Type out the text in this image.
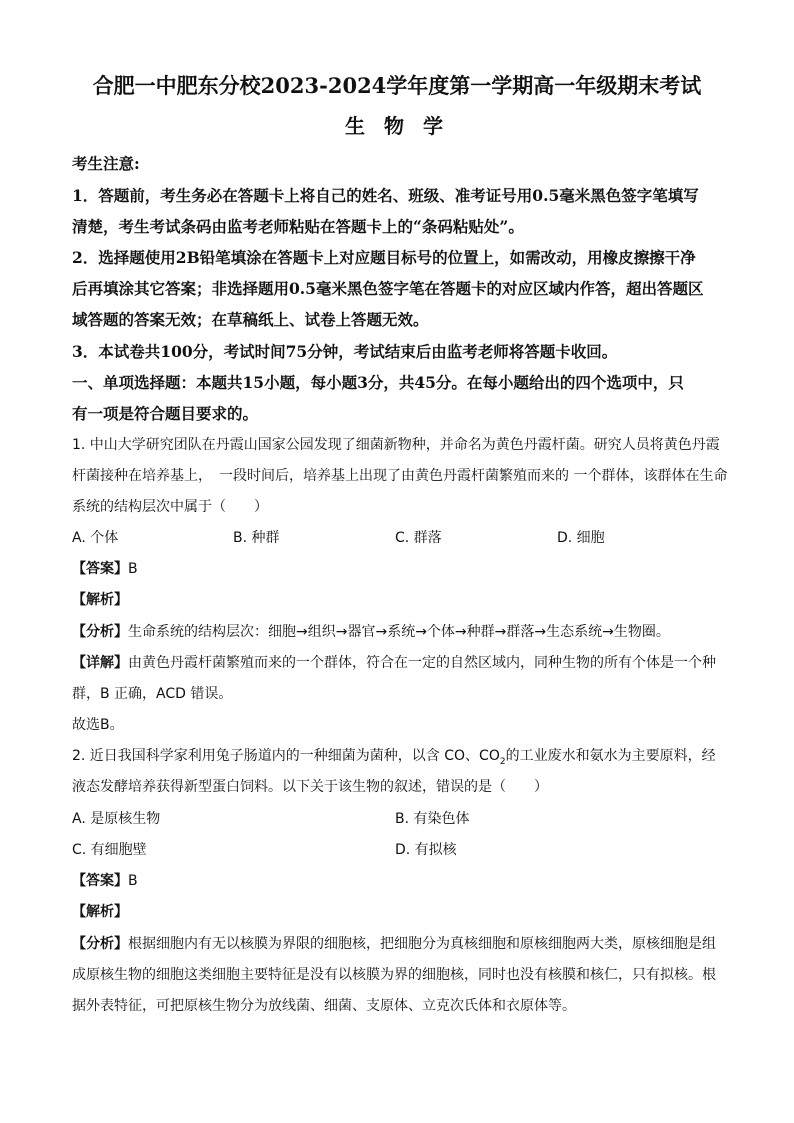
合肥一中肥东分校2023-2024学年度第一学期高一年级期末考试
生 物 学
考生注意:
1．答题前，考生务必在答题卡上将自己的姓名、班级、准考证号用0.5毫米黑色签字笔填写
清楚，考生考试条码由监考老师粘贴在答题卡上的“条码粘贴处”。
2．选择题使用2B铅笔填涂在答题卡上对应题目标号的位置上，如需改动，用橡皮擦擦干净
后再填涂其它答案；非选择题用0.5毫米黑色签字笔在答题卡的对应区域内作答，超出答题区
域答题的答案无效；在草稿纸上、试卷上答题无效。
3．本试卷共100分，考试时间75分钟，考试结束后由监考老师将答题卡收回。
一、单项选择题：本题共15小题，每小题3分，共45分。在每小题给出的四个选项中，只
有一项是符合题目要求的。
1. 中山大学研究团队在丹霞山国家公园发现了细菌新物种，并命名为黄色丹霞杆菌。研究人员将黄色丹霞
杆菌接种在培养基上，　一段时间后，培养基上出现了由黄色丹霞杆菌繁殖而来的 一个群体，该群体在生命
系统的结构层次中属于（　　）
A. 个体	B. 种群	C. 群落	D. 细胞
【答案】B
【解析】
【分析】生命系统的结构层次：细胞→组织→器官→系统→个体→种群→群落→生态系统→生物圈。
【详解】由黄色丹霞杆菌繁殖而来的一个群体，符合在一定的自然区域内，同种生物的所有个体是一个种
群，B 正确，ACD 错误。
故选B。
2. 近日我国科学家利用兔子肠道内的一种细菌为菌种，以含 CO、$CO_2$的工业废水和氨水为主要原料，经
液态发酵培养获得新型蛋白饲料。以下关于该生物的叙述，错误的是（　　）
A. 是原核生物	B. 有染色体
C. 有细胞壁	D. 有拟核
【答案】B
【解析】
【分析】根据细胞内有无以核膜为界限的细胞核，把细胞分为真核细胞和原核细胞两大类，原核细胞是组
成原核生物的细胞这类细胞主要特征是没有以核膜为界的细胞核，同时也没有核膜和核仁，只有拟核。根
据外表特征，可把原核生物分为放线菌、细菌、支原体、立克次氏体和衣原体等。
